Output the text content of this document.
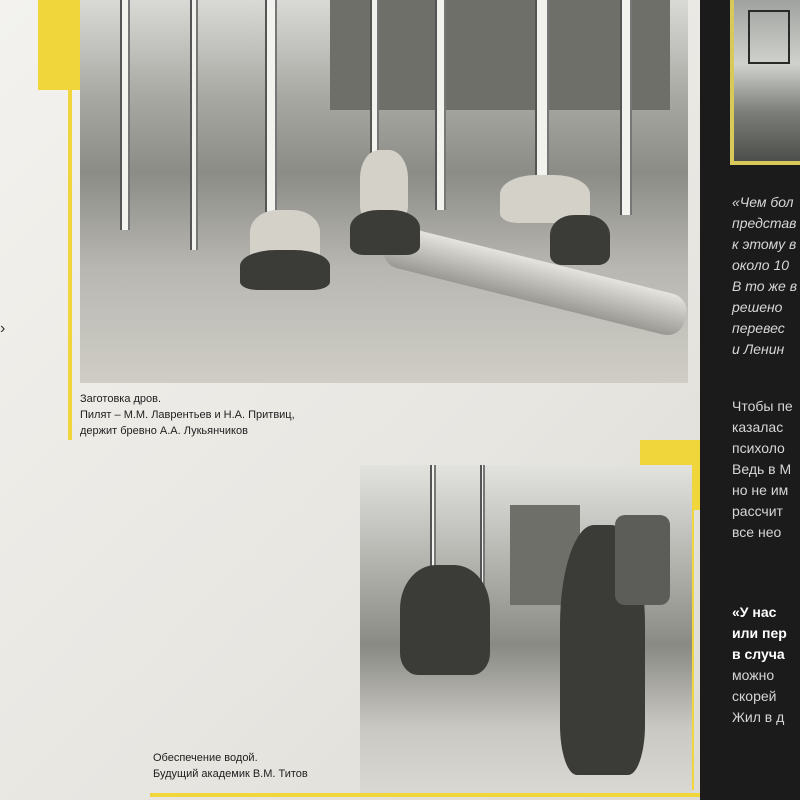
›
Заготовка дров.
Пилят – М.М. Лаврентьев и Н.А. Притвиц,
держит бревно А.А. Лукьянчиков
Обеспечение водой.
Будущий академик В.М. Титов
«Чем бол
представ
к этому в
около 10
В то же в
решено
перевес
и Ленин
Чтобы пе
казалас
психоло
Ведь в М
но не им
рассчит
все нео
«У нас
или пер
в случа
можно
скорей
Жил в д
